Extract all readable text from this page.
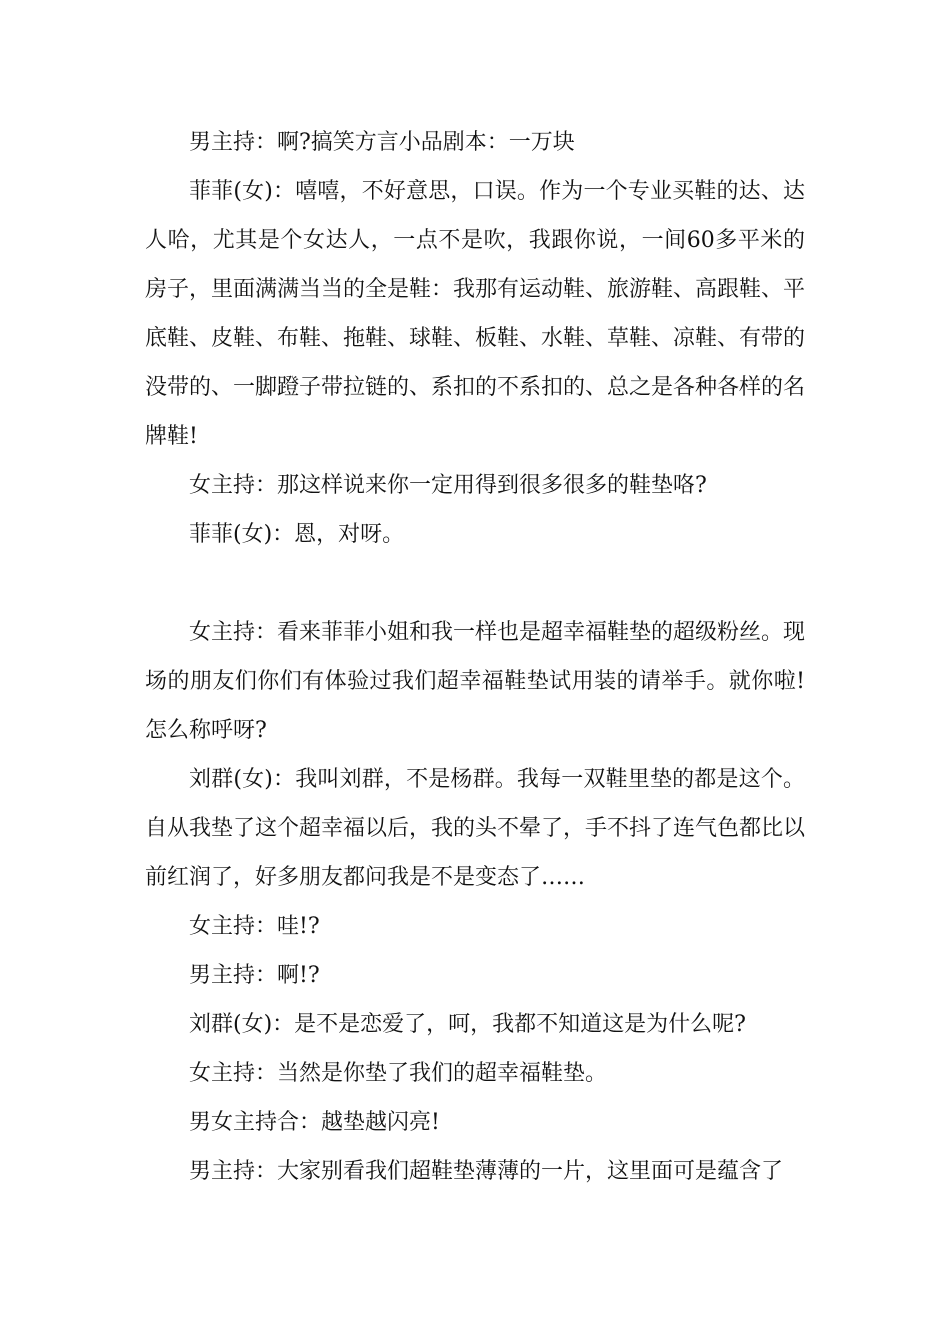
男主持：啊?搞笑方言小品剧本：一万块

菲菲(女)：嘻嘻，不好意思，口误。作为一个专业买鞋的达、达人哈，尤其是个女达人，一点不是吹，我跟你说，一间60多平米的房子，里面满满当当的全是鞋：我那有运动鞋、旅游鞋、高跟鞋、平底鞋、皮鞋、布鞋、拖鞋、球鞋、板鞋、水鞋、草鞋、凉鞋、有带的没带的、一脚蹬子带拉链的、系扣的不系扣的、总之是各种各样的名牌鞋!

女主持：那这样说来你一定用得到很多很多的鞋垫咯?

菲菲(女)：恩，对呀。

女主持：看来菲菲小姐和我一样也是超幸福鞋垫的超级粉丝。现场的朋友们你们有体验过我们超幸福鞋垫试用装的请举手。就你啦!怎么称呼呀?

刘群(女)：我叫刘群，不是杨群。我每一双鞋里垫的都是这个。自从我垫了这个超幸福以后，我的头不晕了，手不抖了连气色都比以前红润了，好多朋友都问我是不是变态了……

女主持：哇!?

男主持：啊!?

刘群(女)：是不是恋爱了，呵，我都不知道这是为什么呢?

女主持：当然是你垫了我们的超幸福鞋垫。

男女主持合：越垫越闪亮!

男主持：大家别看我们超鞋垫薄薄的一片，这里面可是蕴含了
